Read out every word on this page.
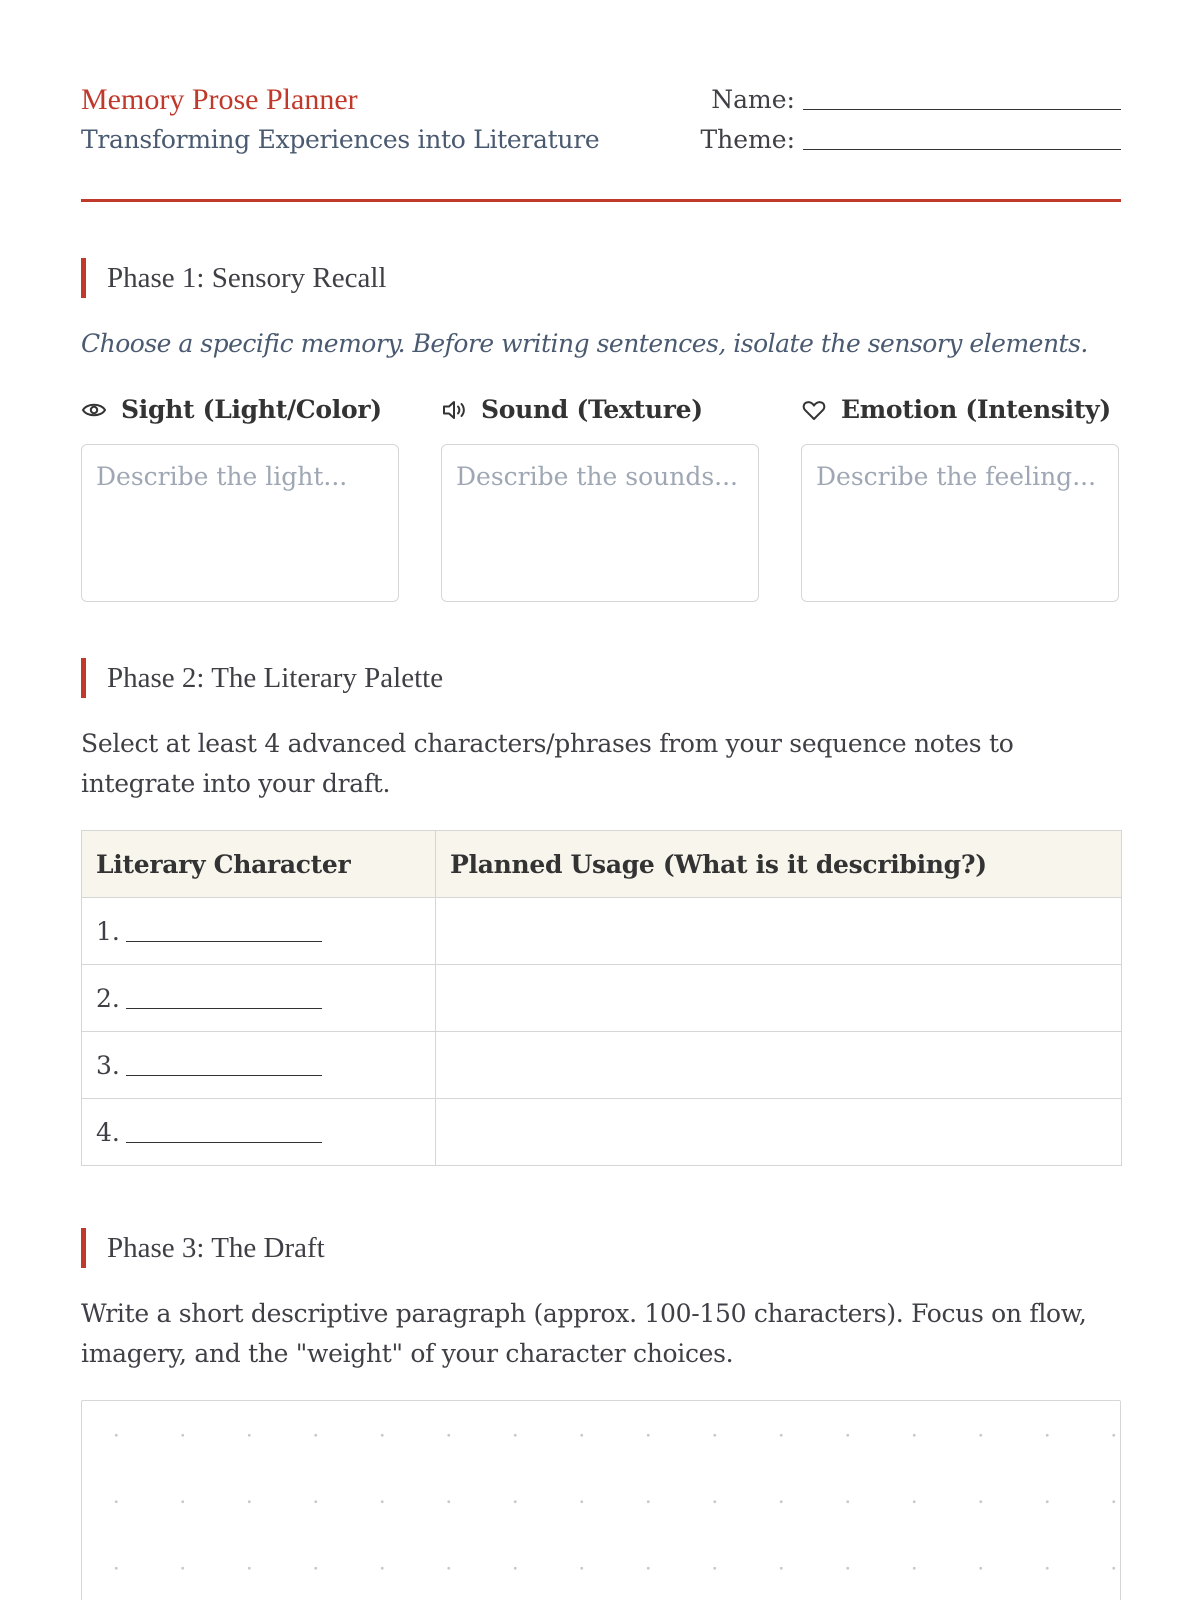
Memory Prose Planner
Transforming Experiences into Literature
Name:
Theme:
Phase 1: Sensory Recall
Choose a specific memory. Before writing sentences, isolate the sensory elements.
Sight (Light/Color)
Describe the light...	Sound (Texture)
Describe the sounds...	Emotion (Intensity)
Describe the feeling...
Phase 2: The Literary Palette
Select at least 4 advanced characters/phrases from your sequence notes to integrate into your draft.
Literary Character	Planned Usage (What is it describing?)
1.	
2.	
3.	
4.	
Phase 3: The Draft
Write a short descriptive paragraph (approx. 100-150 characters). Focus on flow, imagery, and the "weight" of your character choices.
